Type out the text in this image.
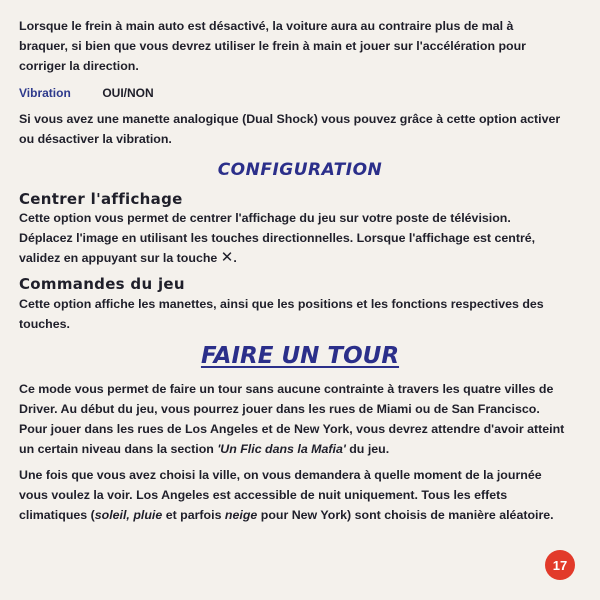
Lorsque le frein à main auto est désactivé, la voiture aura au contraire plus de mal à
braquer, si bien que vous devrez utiliser le frein à main et jouer sur l'accélération pour
corriger la direction.
Vibration	OUI/NON
Si vous avez une manette analogique (Dual Shock) vous pouvez grâce à cette option activer
ou désactiver la vibration.
CONFIGURATION
Centrer l'affichage
Cette option vous permet de centrer l'affichage du jeu sur votre poste de télévision.
Déplacez l'image en utilisant les touches directionnelles. Lorsque l'affichage est centré,
validez en appuyant sur la touche ✕.
Commandes du jeu
Cette option affiche les manettes, ainsi que les positions et les fonctions respectives des
touches.
FAIRE UN TOUR
Ce mode vous permet de faire un tour sans aucune contrainte à travers les quatre villes de
Driver. Au début du jeu, vous pourrez jouer dans les rues de Miami ou de San Francisco.
Pour jouer dans les rues de Los Angeles et de New York, vous devrez attendre d'avoir atteint
un certain niveau dans la section 'Un Flic dans la Mafia' du jeu.
Une fois que vous avez choisi la ville, on vous demandera à quelle moment de la journée
vous voulez la voir. Los Angeles est accessible de nuit uniquement. Tous les effets
climatiques (soleil, pluie et parfois neige pour New York) sont choisis de manière aléatoire.
17
